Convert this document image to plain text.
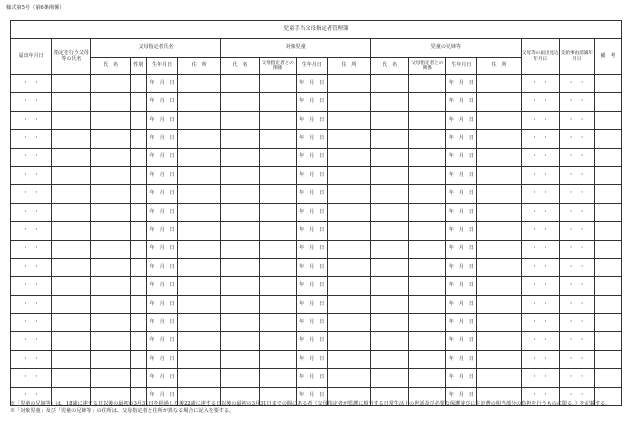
様式第5号（第6条関係）
児童手当父母指定者管理簿																
届出年月日	指定を行う父母等の氏名	父母指定者氏名				対象児童				児童の兄姉等				父母等の届出見込年月日	支給事由消滅年月日	備　考
		氏　名	性別	生年月日	住　所	氏　名	父母指定者との関係	生年月日	住　所	氏　名	父母指定者との関係	生年月日	住　所			
・　・				年　月　日				年　月　日				年　月　日		・　・	・　・	
・　・				年　月　日				年　月　日				年　月　日		・　・	・　・	
・　・				年　月　日				年　月　日				年　月　日		・　・	・　・	
・　・				年　月　日				年　月　日				年　月　日		・　・	・　・	
・　・				年　月　日				年　月　日				年　月　日		・　・	・　・	
・　・				年　月　日				年　月　日				年　月　日		・　・	・　・	
・　・				年　月　日				年　月　日				年　月　日		・　・	・　・	
・　・				年　月　日				年　月　日				年　月　日		・　・	・　・	
・　・				年　月　日				年　月　日				年　月　日		・　・	・　・	
・　・				年　月　日				年　月　日				年　月　日		・　・	・　・	
・　・				年　月　日				年　月　日				年　月　日		・　・	・　・	
・　・				年　月　日				年　月　日				年　月　日		・　・	・　・	
・　・				年　月　日				年　月　日				年　月　日		・　・	・　・	
・　・				年　月　日				年　月　日				年　月　日		・　・	・　・	
・　・				年　月　日				年　月　日				年　月　日		・　・	・　・	
・　・				年　月　日				年　月　日				年　月　日		・　・	・　・	
・　・				年　月　日				年　月　日				年　月　日		・　・	・　・	
・　・				年　月　日				年　月　日				年　月　日		・　・	・　・	

※「児童の兄姉等」は、18歳に達する日以後の最初の3月31日を経過した後22歳に達する日以後の最初の3月31日までの間にある者（父母指定者が監護に相当する日常生活上の世話及び必要な保護並びに生計費の相当部分の負担を行うものに限る。）を記載する。

※「対象児童」及び「児童の兄姉等」の住所は、父母指定者と住所が異なる場合に記入を要する。
